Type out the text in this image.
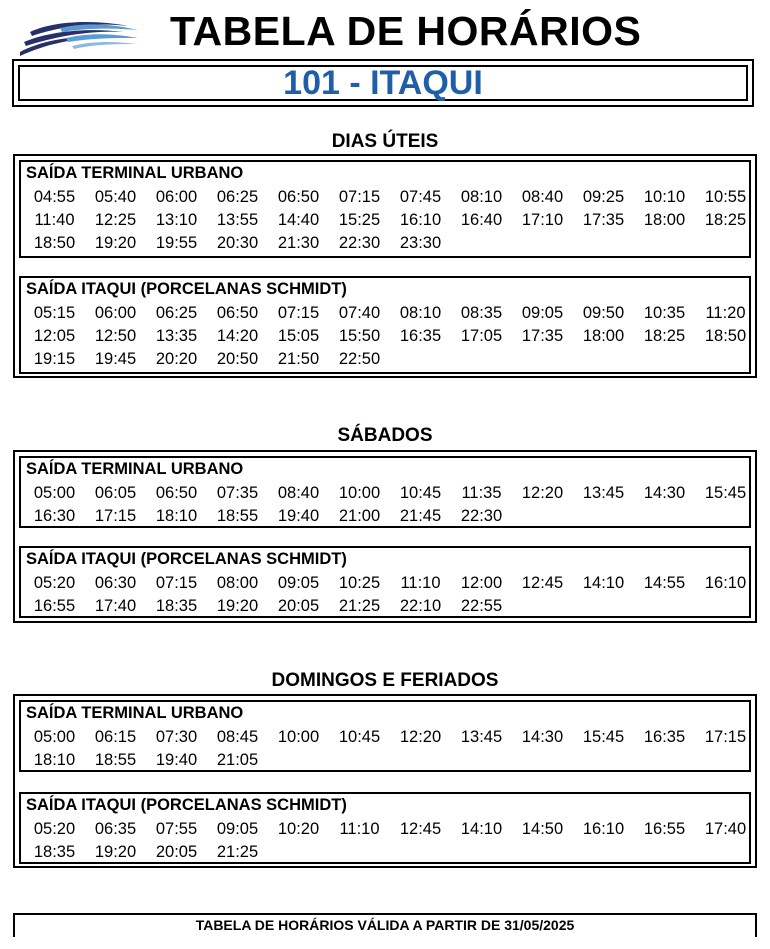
TABELA DE HORÁRIOS
101 - ITAQUI
DIAS ÚTEIS
SAÍDA TERMINAL URBANO
04:55 05:40 06:00 06:25 06:50 07:15 07:45 08:10 08:40 09:25 10:10 10:5511:40 12:25 13:10 13:55 14:40 15:25 16:10 16:40 17:10 17:35 18:00 18:2518:50 19:20 19:55 20:30 21:30 22:30 23:30
SAÍDA ITAQUI (PORCELANAS SCHMIDT)
05:15 06:00 06:25 06:50 07:15 07:40 08:10 08:35 09:05 09:50 10:35 11:2012:05 12:50 13:35 14:20 15:05 15:50 16:35 17:05 17:35 18:00 18:25 18:5019:15 19:45 20:20 20:50 21:50 22:50
SÁBADOS
SAÍDA TERMINAL URBANO
05:00 06:05 06:50 07:35 08:40 10:00 10:45 11:35 12:20 13:45 14:30 15:4516:30 17:15 18:10 18:55 19:40 21:00 21:45 22:30
SAÍDA ITAQUI (PORCELANAS SCHMIDT)
05:20 06:30 07:15 08:00 09:05 10:25 11:10 12:00 12:45 14:10 14:55 16:1016:55 17:40 18:35 19:20 20:05 21:25 22:10 22:55
DOMINGOS E FERIADOS
SAÍDA TERMINAL URBANO
05:00 06:15 07:30 08:45 10:00 10:45 12:20 13:45 14:30 15:45 16:35 17:1518:10 18:55 19:40 21:05
SAÍDA ITAQUI (PORCELANAS SCHMIDT)
05:20 06:35 07:55 09:05 10:20 11:10 12:45 14:10 14:50 16:10 16:55 17:4018:35 19:20 20:05 21:25
TABELA DE HORÁRIOS VÁLIDA A PARTIR DE 31/05/2025
